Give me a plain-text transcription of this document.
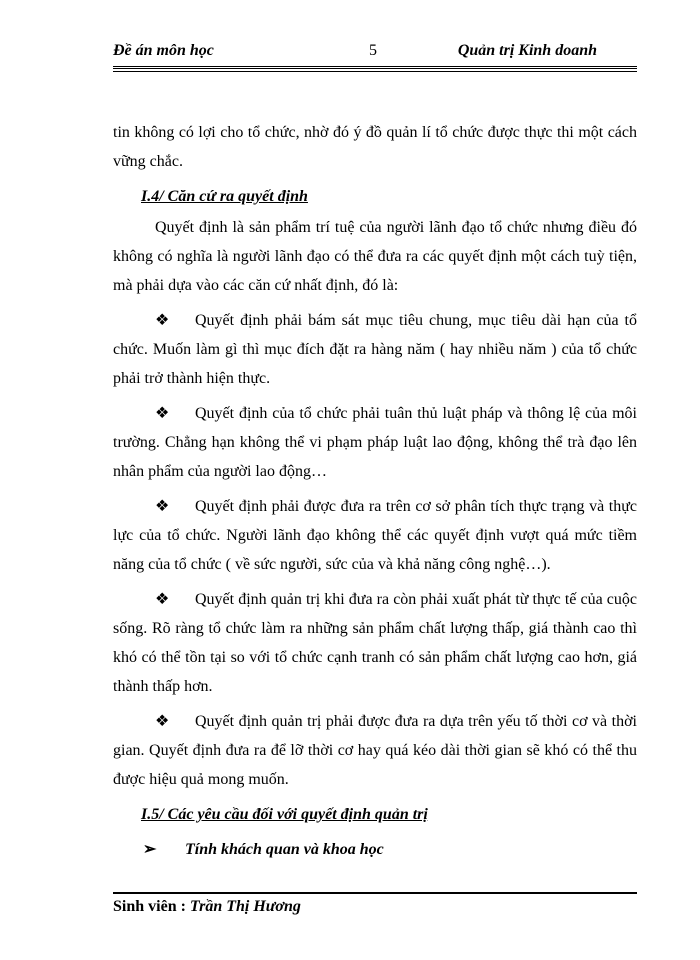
Đề án môn học	5	Quản trị Kinh doanh

tin không có lợi cho tổ chức, nhờ đó ý đồ quản lí tổ chức được thực thi một cách vững chắc.

I.4/ Căn cứ ra quyết định

Quyết định là sản phẩm trí tuệ của người lãnh đạo tổ chức nhưng điều đó không có nghĩa là người lãnh đạo có thể đưa ra các quyết định một cách tuỳ tiện, mà phải dựa vào các căn cứ nhất định, đó là:

❖ Quyết định phải bám sát mục tiêu chung, mục tiêu dài hạn của tổ chức. Muốn làm gì thì mục đích đặt ra hàng năm ( hay nhiều năm ) của tổ chức phải trở thành hiện thực.

❖ Quyết định của tổ chức phải tuân thủ luật pháp và thông lệ của môi trường. Chẳng hạn không thể vi phạm pháp luật lao động, không thể trà đạo lên nhân phẩm của người lao động…

❖ Quyết định phải được đưa ra trên cơ sở phân tích thực trạng và thực lực của tổ chức. Người lãnh đạo không thể các quyết định vượt quá mức tiềm năng của tổ chức ( về sức người, sức của và khả năng công nghệ…).

❖ Quyết định quản trị khi đưa ra còn phải xuất phát từ thực tế của cuộc sống. Rõ ràng tổ chức làm ra những sản phẩm chất lượng thấp, giá thành cao thì khó có thể tồn tại so với tổ chức cạnh tranh có sản phẩm chất lượng cao hơn, giá thành thấp hơn.

❖ Quyết định quản trị phải được đưa ra dựa trên yếu tố thời cơ và thời gian. Quyết định đưa ra để lỡ thời cơ hay quá kéo dài thời gian sẽ khó có thể thu được hiệu quả mong muốn.

I.5/ Các yêu cầu đối với quyết định quản trị

➢ Tính khách quan và khoa học

Sinh viên : Trần Thị Hương
